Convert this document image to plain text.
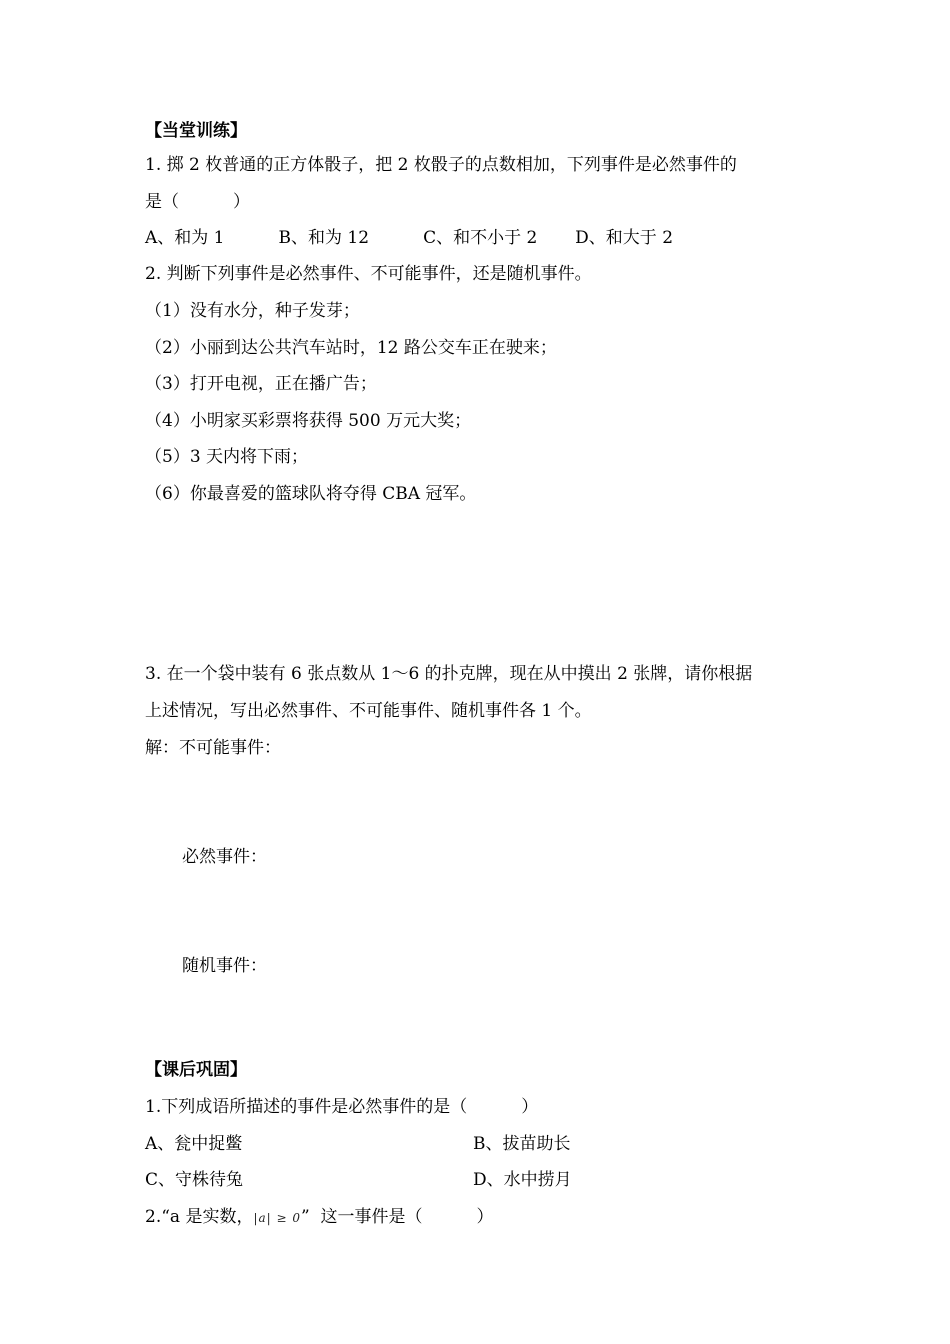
【当堂训练】
1. 掷 2 枚普通的正方体骰子，把 2 枚骰子的点数相加，下列事件是必然事件的
是（          ）
A、和为 1          B、和为 12          C、和不小于 2       D、和大于 2
2. 判断下列事件是必然事件、不可能事件，还是随机事件。
（1）没有水分，种子发芽；
（2）小丽到达公共汽车站时，12 路公交车正在驶来；
（3）打开电视，正在播广告；
（4）小明家买彩票将获得 500 万元大奖；
（5）3 天内将下雨；
（6）你最喜爱的篮球队将夺得 CBA 冠军。
3. 在一个袋中装有 6 张点数从 1～6 的扑克牌，现在从中摸出 2 张牌，请你根据
上述情况，写出必然事件、不可能事件、随机事件各 1 个。
解：不可能事件：
必然事件：
随机事件：
【课后巩固】
1.下列成语所描述的事件是必然事件的是（          ）
A、瓮中捉鳖	B、拔苗助长
C、守株待兔	D、水中捞月
2.“a 是实数，|a| ≥ 0”  这一事件是（          ）
